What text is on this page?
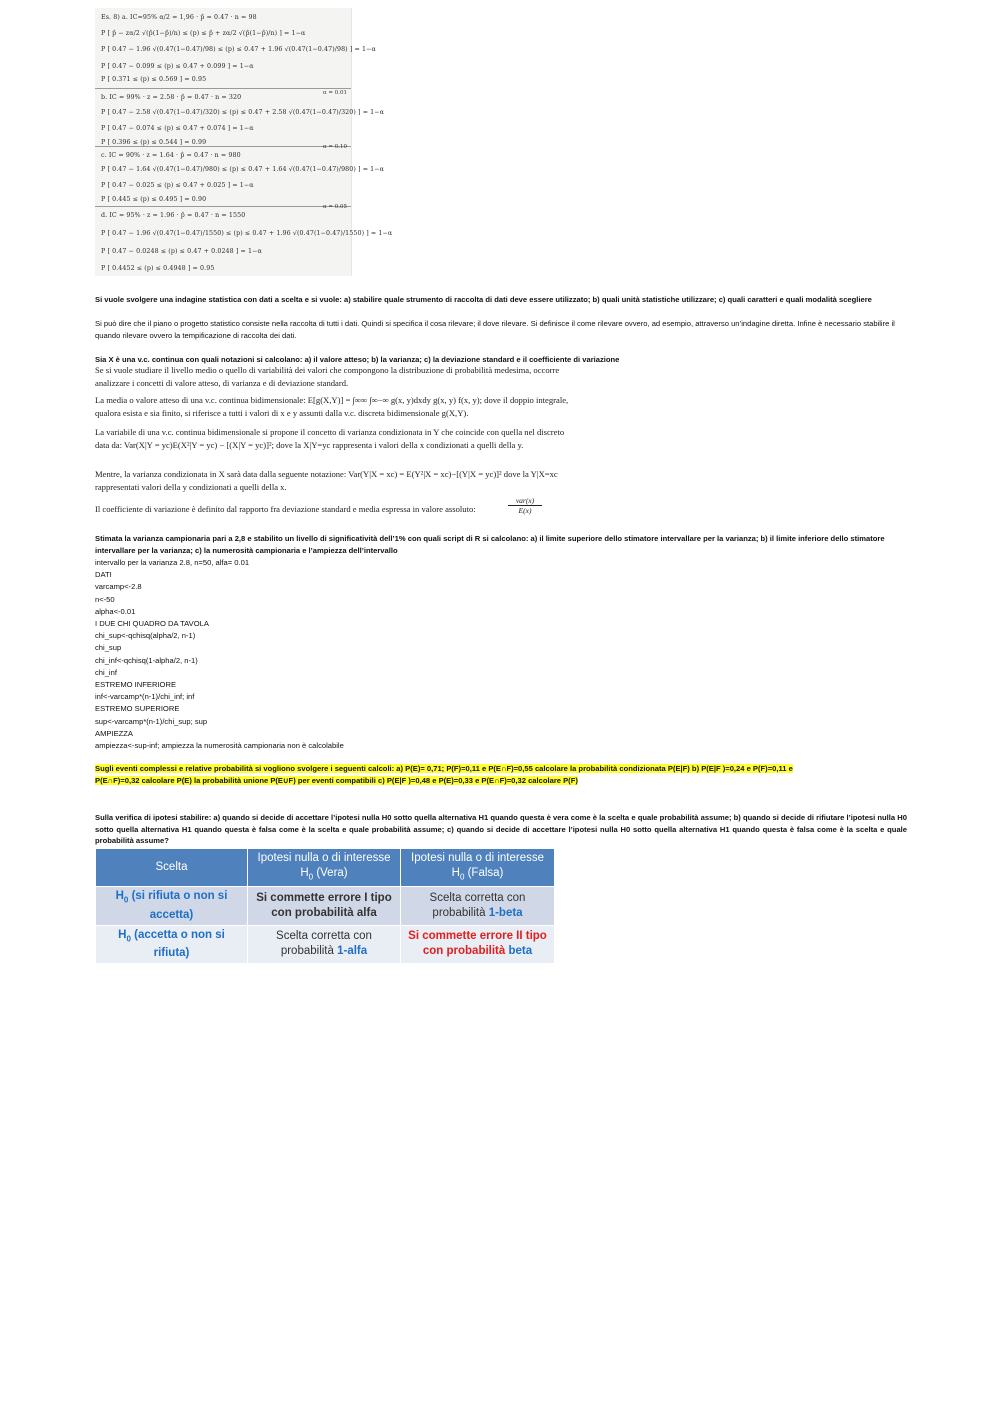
Es. 8) a. IC=95% α/2 = 1,96 · p̂ = 0.47 · n = 98
P [ p̂ − zα/2 √(p̂(1−p̂)/n) ≤ (p) ≤ p̂ + zα/2 √(p̂(1−p̂)/n) ] = 1−α
P [ 0.47 − 1.96 √(0.47(1−0.47)/98) ≤ (p) ≤ 0.47 + 1.96 √(0.47(1−0.47)/98) ] = 1−α
P [ 0.47 − 0.099 ≤ (p) ≤ 0.47 + 0.099 ] = 1−α
P [ 0.371 ≤ (p) ≤ 0.569 ] = 0.95
α = 0.01
b. IC = 99% · z = 2.58 · p̂ = 0.47 · n = 320
P [ 0.47 − 2.58 √(0.47(1−0.47)/320) ≤ (p) ≤ 0.47 + 2.58 √(0.47(1−0.47)/320) ] = 1−α
P [ 0.47 − 0.074 ≤ (p) ≤ 0.47 + 0.074 ] = 1−α
P [ 0.396 ≤ (p) ≤ 0.544 ] = 0.99
α = 0.10
c. IC = 90% · z = 1.64 · p̂ = 0.47 · n = 980
P [ 0.47 − 1.64 √(0.47(1−0.47)/980) ≤ (p) ≤ 0.47 + 1.64 √(0.47(1−0.47)/980) ] = 1−α
P [ 0.47 − 0.025 ≤ (p) ≤ 0.47 + 0.025 ] = 1−α
P [ 0.445 ≤ (p) ≤ 0.495 ] = 0.90
α = 0.05
d. IC = 95% · z = 1.96 · p̂ = 0.47 · n = 1550
P [ 0.47 − 1.96 √(0.47(1−0.47)/1550) ≤ (p) ≤ 0.47 + 1.96 √(0.47(1−0.47)/1550) ] = 1−α
P [ 0.47 − 0.0248 ≤ (p) ≤ 0.47 + 0.0248 ] = 1−α
P [ 0.4452 ≤ (p) ≤ 0.4948 ] = 0.95
Si vuole svolgere una indagine statistica con dati a scelta e si vuole: a) stabilire quale strumento di raccolta di dati deve essere utilizzato; b) quali unità statistiche utilizzare; c) quali caratteri e quali modalità scegliere
Si può dire che il piano o progetto statistico consiste nella raccolta di tutti i dati. Quindi si specifica il cosa rilevare; il dove rilevare. Si definisce il come rilevare ovvero, ad esempio, attraverso un’indagine diretta. Infine è necessario stabilire il quando rilevare ovvero la tempificazione di raccolta dei dati.
Sia X è una v.c. continua con quali notazioni si calcolano: a) il valore atteso; b) la varianza; c) la deviazione standard e il coefficiente di variazione
Se si vuole studiare il livello medio o quello di variabilità dei valori che compongono la distribuzione di probabilità medesima, occorre analizzare i concetti di valore atteso, di varianza e di deviazione standard.
La media o valore atteso di una v.c. continua bidimensionale: E[g(X,Y)] = ∫∞∞ ∫∞−∞ g(x, y)dxdy g(x, y) f(x, y); dove il doppio integrale, qualora esista e sia finito, si riferisce a tutti i valori di x e y assunti dalla v.c. discreta bidimensionale g(X,Y).
La variabile di una v.c. continua bidimensionale si propone il concetto di varianza condizionata in Y che coincide con quella nel discreto data da: Var(X|Y = yc)E(X²|Y = yc) − [(X|Y = yc)]²; dove la X|Y=yc rappresenta i valori della x condizionati a quelli della y.
Mentre, la varianza condizionata in X sarà data dalla seguente notazione: Var(Y|X = xc) = E(Y²|X = xc)−[(Y|X = yc)]² dove la Y|X=xc rappresentati valori della y condizionati a quelli della x.
Il coefficiente di variazione è definito dal rapporto fra deviazione standard e media espressa in valore assoluto:
var(x)
E(x)
Stimata la varianza campionaria pari a 2,8 e stabilito un livello di significatività dell’1% con quali script di R si calcolano: a) il limite superiore dello stimatore intervallare per la varianza; b) il limite inferiore dello stimatore intervallare per la varianza; c) la numerosità campionaria e l’ampiezza dell’intervallo
intervallo per la varianza 2.8, n=50, alfa= 0.01
DATI
varcamp<-2.8
n<-50
alpha<-0.01
I DUE CHI QUADRO DA TAVOLA
chi_sup<-qchisq(alpha/2, n-1)
chi_sup
chi_inf<-qchisq(1-alpha/2, n-1)
chi_inf
ESTREMO INFERIORE
inf<-varcamp*(n-1)/chi_inf; inf
ESTREMO SUPERIORE
sup<-varcamp*(n-1)/chi_sup; sup
AMPIEZZA
ampiezza<-sup-inf; ampiezza la numerosità campionaria non è calcolabile
Sugli eventi complessi e relative probabilità si vogliono svolgere i seguenti calcoli: a) P(E)= 0,71; P(F)=0,11 e P(E∩F)=0,55 calcolare la probabilità condizionata P(E|F) b) P(E|F )=0,24 e P(F)=0,11 e
P(E∩F)=0,32 calcolare P(E) la probabilità unione P(E∪F) per eventi compatibili c) P(E|F )=0,48 e P(E)=0,33 e P(E∩F)=0,32 calcolare P(F)
Sulla verifica di ipotesi stabilire: a) quando si decide di accettare l’ipotesi nulla H0 sotto quella alternativa H1 quando questa è vera come è la scelta e quale probabilità assume; b) quando si decide di rifiutare l’ipotesi nulla H0 sotto quella alternativa H1 quando questa è falsa come è la scelta e quale probabilità assume; c) quando si decide di accettare l’ipotesi nulla H0 sotto quella alternativa H1 quando questa è falsa come è la scelta e quale probabilità assume?
Scelta	Ipotesi nulla o di interesse $H_0$ (Vera)	Ipotesi nulla o di interesse $H_0$ (Falsa)
$H_0$ (si rifiuta o non si accetta)	Si commette errore I tipo con probabilità alfa	Scelta corretta con probabilità 1-beta
$H_0$ (accetta o non si rifiuta)	Scelta corretta con probabilità 1-alfa	Si commette errore II tipo con probabilità beta
